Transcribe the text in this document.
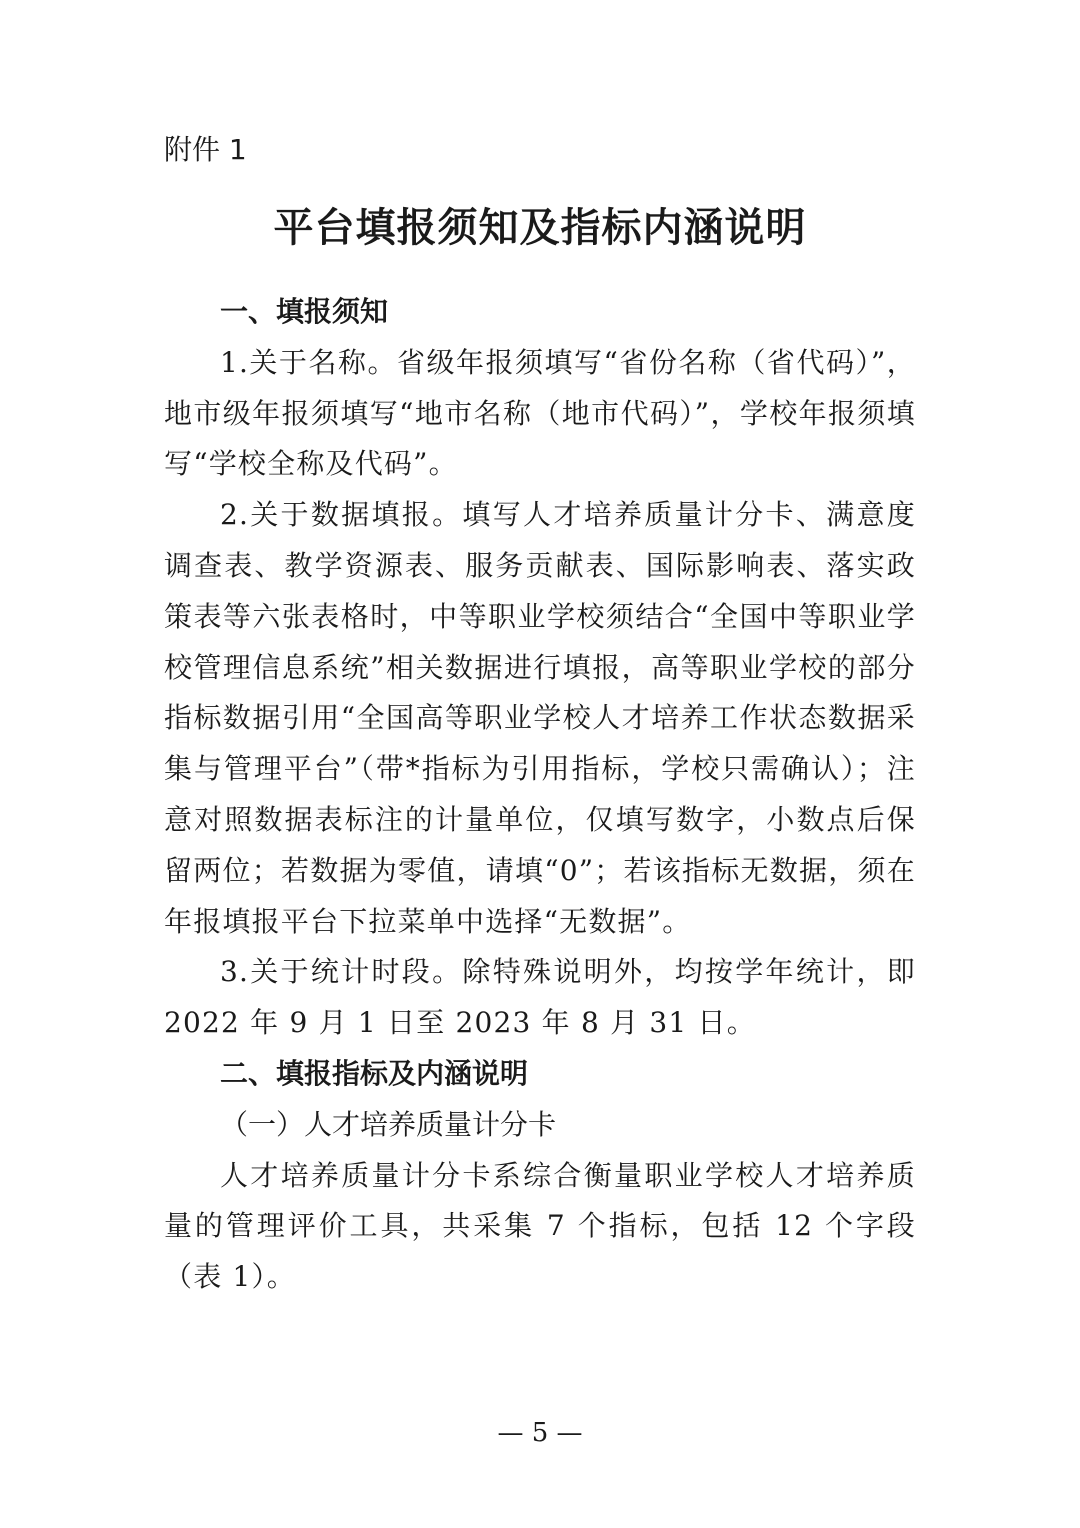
附件 1
平台填报须知及指标内涵说明
一、填报须知

1.关于名称。省级年报须填写“省份名称（省代码）”，地市级年报须填写“地市名称（地市代码）”，学校年报须填写“学校全称及代码”。

2.关于数据填报。填写人才培养质量计分卡、满意度调查表、教学资源表、服务贡献表、国际影响表、落实政策表等六张表格时，中等职业学校须结合“全国中等职业学校管理信息系统”相关数据进行填报，高等职业学校的部分指标数据引用“全国高等职业学校人才培养工作状态数据采集与管理平台”（带*指标为引用指标，学校只需确认）；注意对照数据表标注的计量单位，仅填写数字，小数点后保留两位；若数据为零值，请填“0”；若该指标无数据，须在年报填报平台下拉菜单中选择“无数据”。

3.关于统计时段。除特殊说明外，均按学年统计，即 2022 年 9 月 1 日至 2023 年 8 月 31 日。

二、填报指标及内涵说明
（一）人才培养质量计分卡

人才培养质量计分卡系综合衡量职业学校人才培养质量的管理评价工具，共采集 7 个指标，包括 12 个字段（表 1）。

— 5 —
